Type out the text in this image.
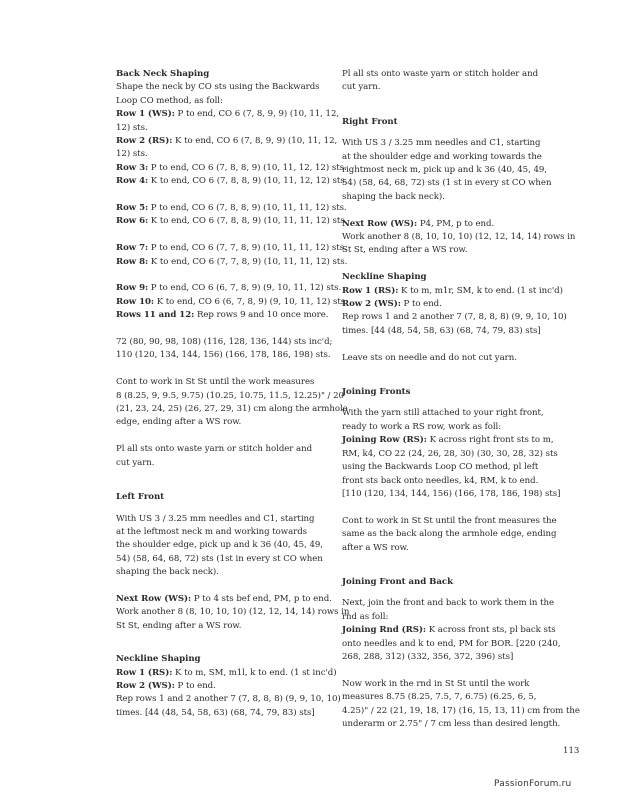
Back Neck Shaping
Shape the neck by CO sts using the Backwards
Loop CO method, as foll:
Row 1 (WS): P to end, CO 6 (7, 8, 9, 9) (10, 11, 12,
12) sts.
Row 2 (RS): K to end, CO 6 (7, 8, 9, 9) (10, 11, 12,
12) sts.
Row 3: P to end, CO 6 (7, 8, 8, 9) (10, 11, 12, 12) sts.
Row 4: K to end, CO 6 (7, 8, 8, 9) (10, 11, 12, 12) sts.
Row 5: P to end, CO 6 (7, 8, 8, 9) (10, 11, 11, 12) sts.
Row 6: K to end, CO 6 (7, 8, 8, 9) (10, 11, 11, 12) sts.
Row 7: P to end, CO 6 (7, 7, 8, 9) (10, 11, 11, 12) sts.
Row 8: K to end, CO 6 (7, 7, 8, 9) (10, 11, 11, 12) sts.
Row 9: P to end, CO 6 (6, 7, 8, 9) (9, 10, 11, 12) sts.
Row 10: K to end, CO 6 (6, 7, 8, 9) (9, 10, 11, 12) sts.
Rows 11 and 12: Rep rows 9 and 10 once more.
72 (80, 90, 98, 108) (116, 128, 136, 144) sts inc'd;
110 (120, 134, 144, 156) (166, 178, 186, 198) sts.
Cont to work in St St until the work measures
8 (8.25, 9, 9.5, 9.75) (10.25, 10.75, 11.5, 12.25)" / 20
(21, 23, 24, 25) (26, 27, 29, 31) cm along the armhole
edge, ending after a WS row.
Pl all sts onto waste yarn or stitch holder and
cut yarn.
Left Front
With US 3 / 3.25 mm needles and C1, starting
at the leftmost neck m and working towards
the shoulder edge, pick up and k 36 (40, 45, 49,
54) (58, 64, 68, 72) sts (1st in every st CO when
shaping the back neck).
Next Row (WS): P to 4 sts bef end, PM, p to end.
Work another 8 (8, 10, 10, 10) (12, 12, 14, 14) rows in
St St, ending after a WS row.
Neckline Shaping
Row 1 (RS): K to m, SM, m1l, k to end. (1 st inc'd)
Row 2 (WS): P to end.
Rep rows 1 and 2 another 7 (7, 8, 8, 8) (9, 9, 10, 10)
times. [44 (48, 54, 58, 63) (68, 74, 79, 83) sts]
Pl all sts onto waste yarn or stitch holder and
cut yarn.
Right Front
With US 3 / 3.25 mm needles and C1, starting
at the shoulder edge and working towards the
rightmost neck m, pick up and k 36 (40, 45, 49,
54) (58, 64, 68, 72) sts (1 st in every st CO when
shaping the back neck).
Next Row (WS): P4, PM, p to end.
Work another 8 (8, 10, 10, 10) (12, 12, 14, 14) rows in
St St, ending after a WS row.
Neckline Shaping
Row 1 (RS): K to m, m1r, SM, k to end. (1 st inc'd)
Row 2 (WS): P to end.
Rep rows 1 and 2 another 7 (7, 8, 8, 8) (9, 9, 10, 10)
times. [44 (48, 54, 58, 63) (68, 74, 79, 83) sts]
Leave sts on needle and do not cut yarn.
Joining Fronts
With the yarn still attached to your right front,
ready to work a RS row, work as foll:
Joining Row (RS): K across right front sts to m,
RM, k4, CO 22 (24, 26, 28, 30) (30, 30, 28, 32) sts
using the Backwards Loop CO method, pl left
front sts back onto needles, k4, RM, k to end.
[110 (120, 134, 144, 156) (166, 178, 186, 198) sts]
Cont to work in St St until the front measures the
same as the back along the armhole edge, ending
after a WS row.
Joining Front and Back
Next, join the front and back to work them in the
rnd as foll:
Joining Rnd (RS): K across front sts, pl back sts
onto needles and k to end, PM for BOR. [220 (240,
268, 288, 312) (332, 356, 372, 396) sts]
Now work in the rnd in St St until the work
measures 8.75 (8.25, 7.5, 7, 6.75) (6.25, 6, 5,
4.25)" / 22 (21, 19, 18, 17) (16, 15, 13, 11) cm from the
underarm or 2.75" / 7 cm less than desired length.
113
PassionForum.ru
